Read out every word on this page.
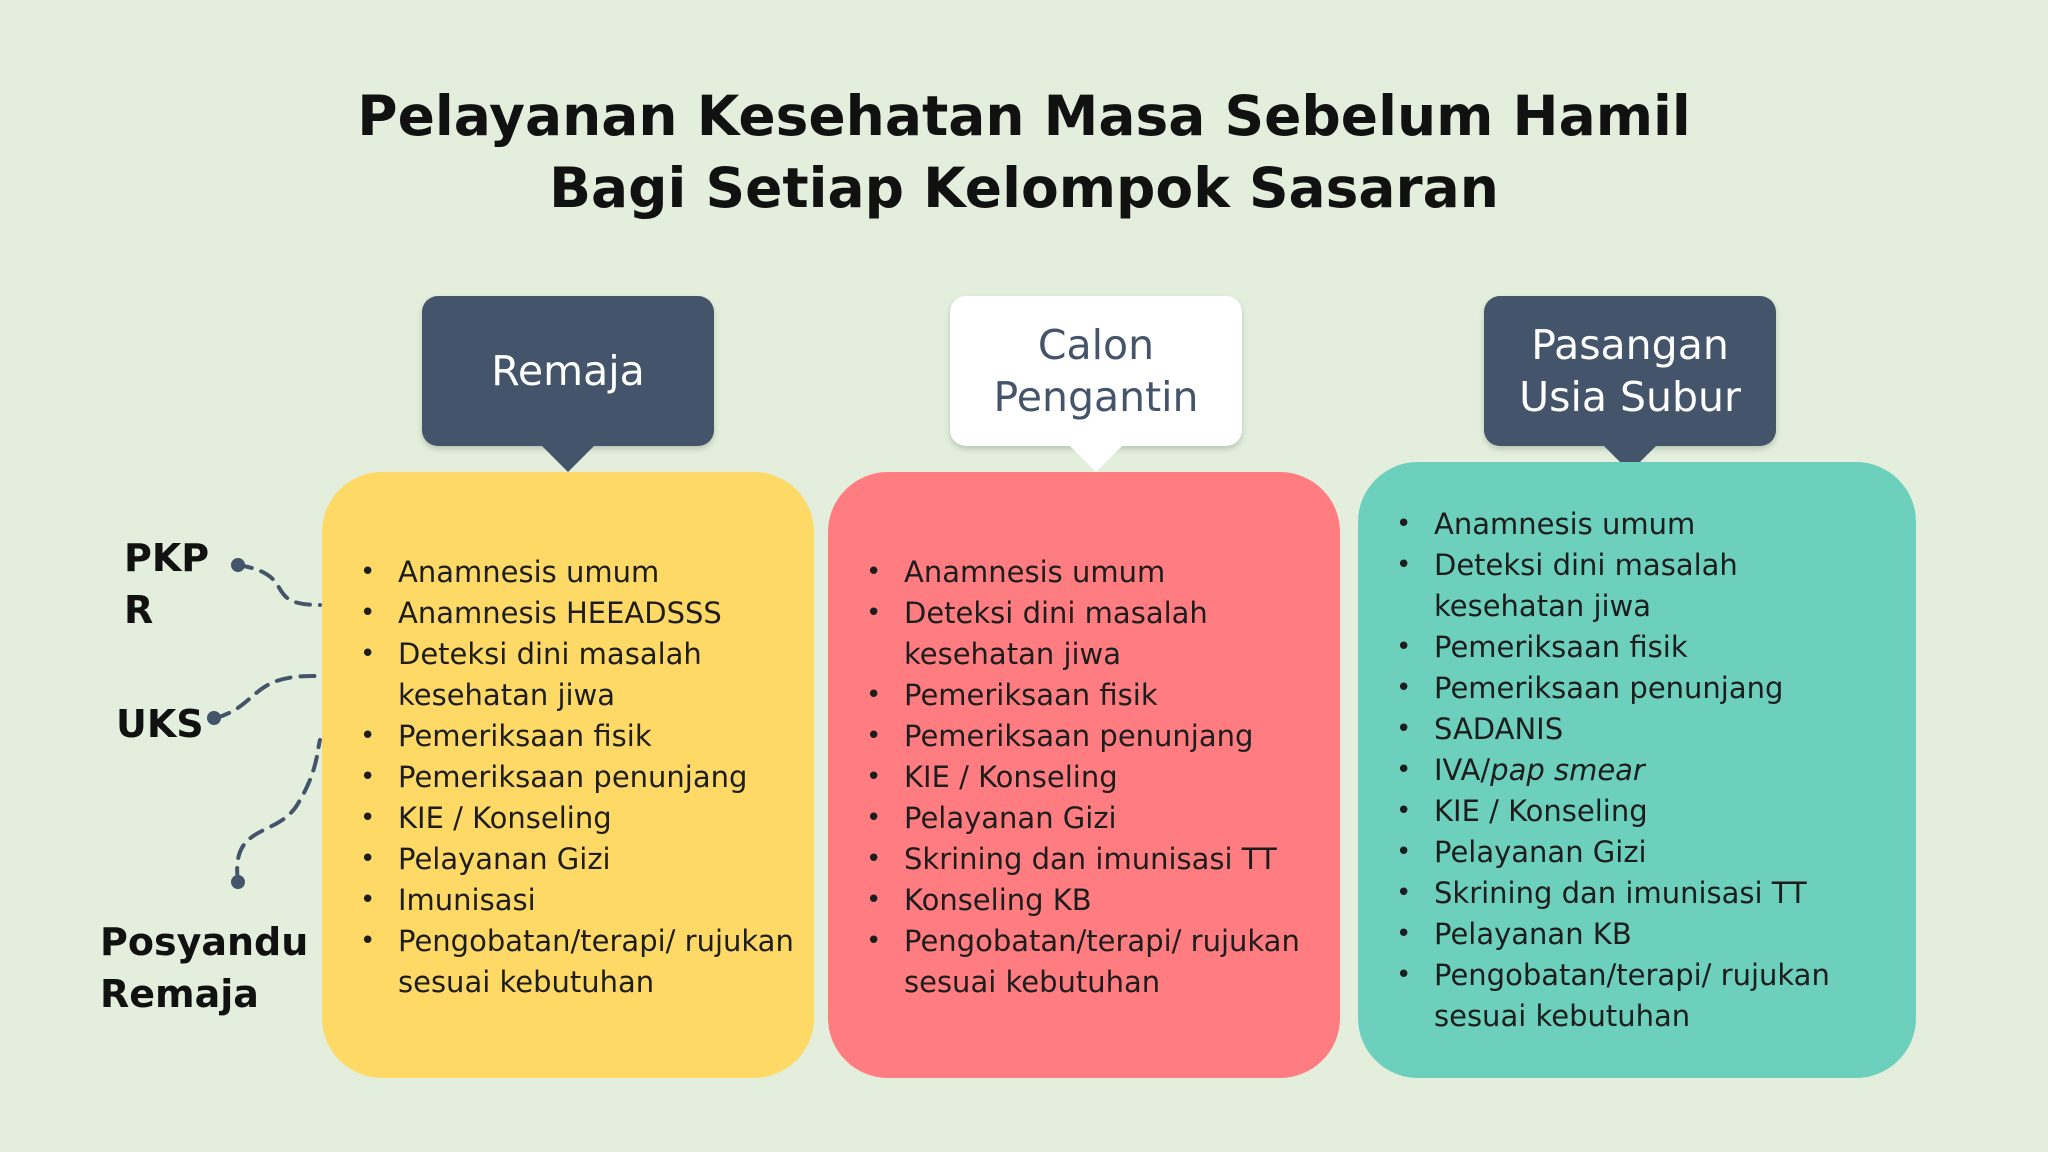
Pelayanan Kesehatan Masa Sebelum Hamil
Bagi Setiap Kelompok Sasaran
Remaja
Calon Pengantin
Pasangan Usia Subur
• Anamnesis umum
• Anamnesis HEEADSSS
• Deteksi dini masalah kesehatan jiwa
• Pemeriksaan fisik
• Pemeriksaan penunjang
• KIE / Konseling
• Pelayanan Gizi
• Imunisasi
• Pengobatan/terapi/ rujukan sesuai kebutuhan
• Anamnesis umum
• Deteksi dini masalah kesehatan jiwa
• Pemeriksaan fisik
• Pemeriksaan penunjang
• KIE / Konseling
• Pelayanan Gizi
• Skrining dan imunisasi TT
• Konseling KB
• Pengobatan/terapi/ rujukan sesuai kebutuhan
• Anamnesis umum
• Deteksi dini masalah kesehatan jiwa
• Pemeriksaan fisik
• Pemeriksaan penunjang
• SADANIS
• IVA/pap smear
• KIE / Konseling
• Pelayanan Gizi
• Skrining dan imunisasi TT
• Pelayanan KB
• Pengobatan/terapi/ rujukan sesuai kebutuhan
PKP
R
UKS
Posyandu
Remaja
